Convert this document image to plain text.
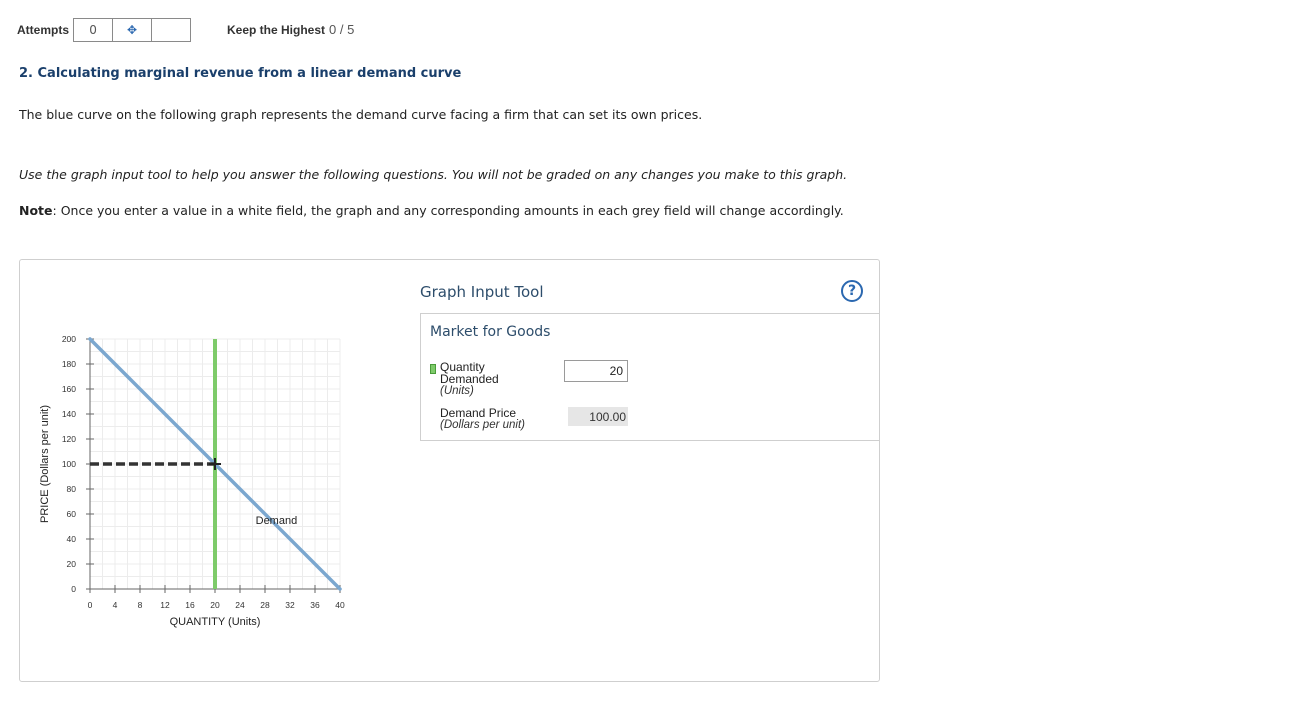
Attempts	0	✥	Keep the Highest 0 / 5
2. Calculating marginal revenue from a linear demand curve
The blue curve on the following graph represents the demand curve facing a firm that can set its own prices.
Use the graph input tool to help you answer the following questions. You will not be graded on any changes you make to this graph.
Note: Once you enter a value in a white field, the graph and any corresponding amounts in each grey field will change accordingly.
0 4 8 12 16 20 24 28 32 36 40
0
20
40
60
80
100
120
140
160
180
200
Demand
QUANTITY (Units)
PRICE (Dollars per unit)
Graph Input Tool	?
Market for Goods
Quantity
Demanded
(Units)
20
Demand Price
(Dollars per unit)
100.00
